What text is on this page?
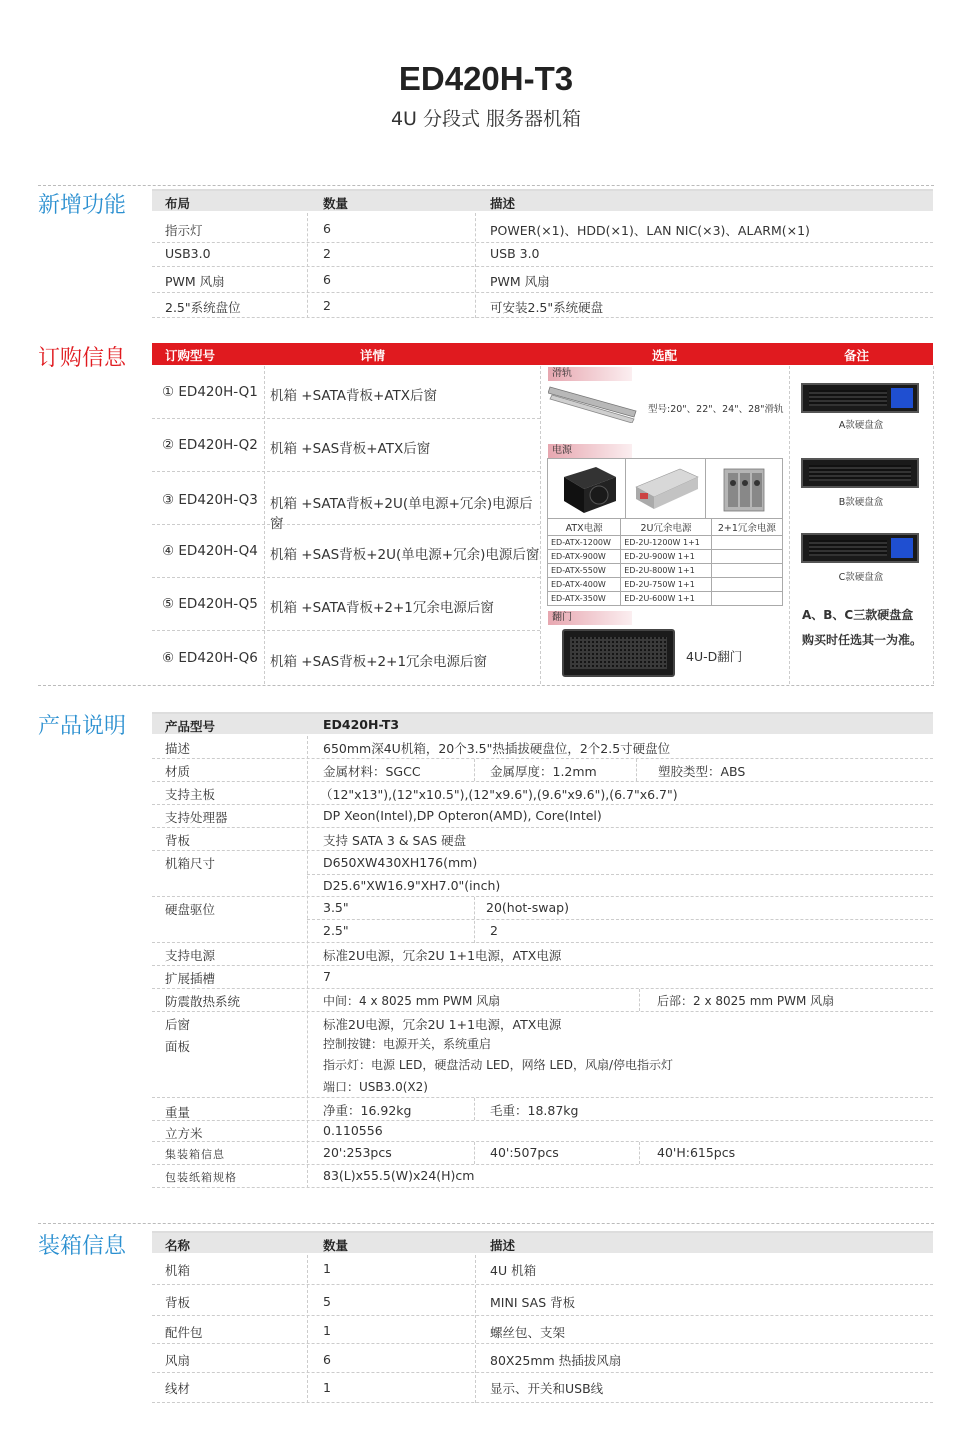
ED420H-T3
4U 分段式 服务器机箱
新增功能	布局	数量	描述
指示灯	6	POWER(×1)、HDD(×1)、LAN NIC(×3)、ALARM(×1)
USB3.0	2	USB 3.0
PWM 风扇	6	PWM 风扇
2.5"系统盘位	2	可安装2.5"系统硬盘
订购信息	订购型号	详情	选配	备注
① ED420H-Q1 机箱 +SATA背板+ATX后窗
② ED420H-Q2 机箱 +SAS背板+ATX后窗
③ ED420H-Q3 机箱 +SATA背板+2U(单电源+冗余)电源后窗
④ ED420H-Q4 机箱 +SAS背板+2U(单电源+冗余)电源后窗
⑤ ED420H-Q5 机箱 +SATA背板+2+1冗余电源后窗
⑥ ED420H-Q6 机箱 +SAS背板+2+1冗余电源后窗
滑轨
型号:20"、22"、24"、28"滑轨
电源
ATX电源	2U冗余电源	2+1冗余电源
ED-ATX-1200W	ED-2U-1200W 1+1	
ED-ATX-900W	ED-2U-900W 1+1	
ED-ATX-550W	ED-2U-800W 1+1	
ED-ATX-400W	ED-2U-750W 1+1	
ED-ATX-350W	ED-2U-600W 1+1	
翻门
4U-D翻门
A款硬盘盒
B款硬盘盒
C款硬盘盒
A、B、C三款硬盘盒
购买时任选其一为准。
产品说明	产品型号	ED420H-T3
描述	650mm深4U机箱，20个3.5"热插拔硬盘位，2个2.5寸硬盘位
材质	金属材料：SGCC	金属厚度：1.2mm	塑胶类型：ABS
支持主板	（12"x13"),(12"x10.5"),(12"x9.6"),(9.6"x9.6"),(6.7"x6.7")
支持处理器	DP Xeon(Intel),DP Opteron(AMD), Core(Intel)
背板	支持 SATA 3 & SAS 硬盘
机箱尺寸	D650XW430XH176(mm)
D25.6"XW16.9"XH7.0"(inch)
硬盘驱位	3.5"	20(hot-swap)
2.5"	2
支持电源	标准2U电源，冗余2U 1+1电源，ATX电源
扩展插槽	7
防震散热系统	中间：4 x 8025 mm PWM 风扇	后部：2 x 8025 mm PWM 风扇
后窗	标准2U电源，冗余2U 1+1电源，ATX电源
面板	控制按键：电源开关，系统重启
指示灯：电源 LED，硬盘活动 LED，网络 LED，风扇/停电指示灯
端口：USB3.0(X2)
重量	净重：16.92kg	毛重：18.87kg
立方米	0.110556
集装箱信息	20':253pcs	40':507pcs	40'H:615pcs
包装纸箱规格	83(L)x55.5(W)x24(H)cm
装箱信息	名称	数量	描述
机箱	1	4U 机箱
背板	5	MINI SAS 背板
配件包	1	螺丝包、支架
风扇	6	80X25mm 热插拔风扇
线材	1	显示、开关和USB线
